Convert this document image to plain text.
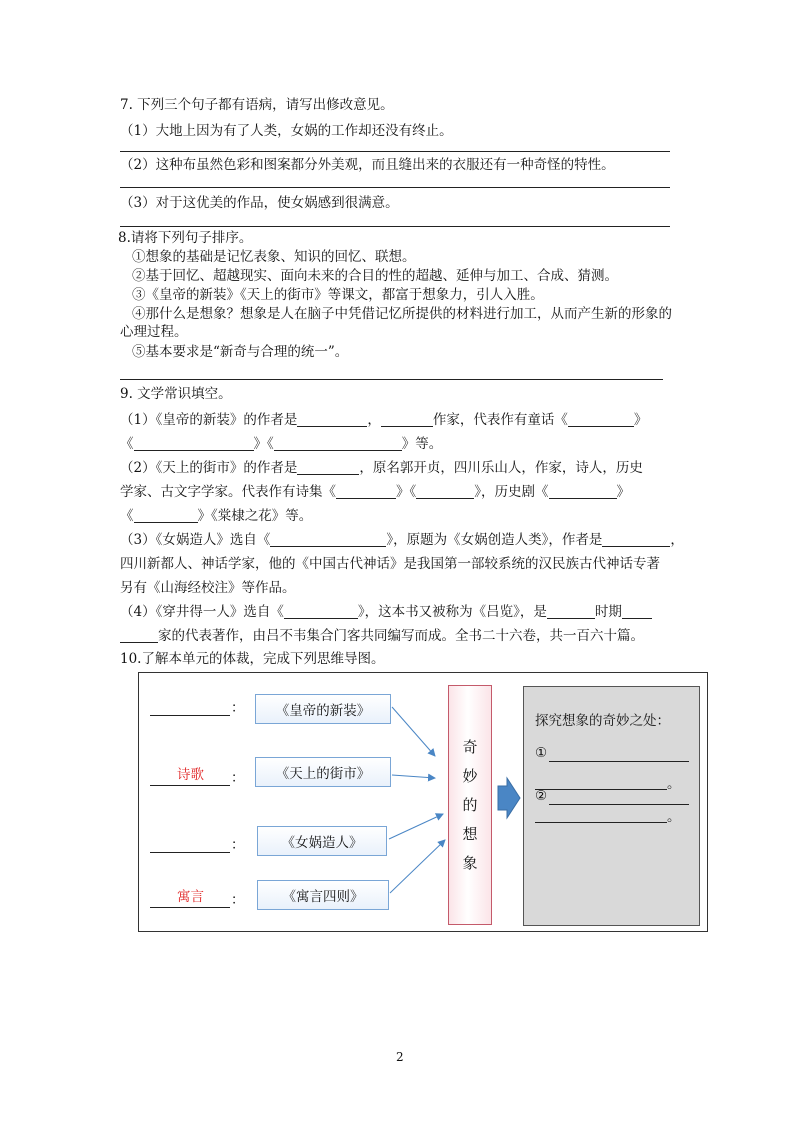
7. 下列三个句子都有语病，请写出修改意见。
（1）大地上因为有了人类，女娲的工作却还没有终止。
（2）这种布虽然色彩和图案都分外美观，而且缝出来的衣服还有一种奇怪的特性。
（3）对于这优美的作品，使女娲感到很满意。
8.请将下列句子排序。
①想象的基础是记忆表象、知识的回忆、联想。
②基于回忆、超越现实、面向未来的合目的性的超越、延伸与加工、合成、猜测。
③《皇帝的新装》《天上的街市》等课文，都富于想象力，引人入胜。
④那什么是想象？想象是人在脑子中凭借记忆所提供的材料进行加工，从而产生新的形象的
心理过程。
⑤基本要求是“新奇与合理的统一”。
9. 文学常识填空。
（1）《皇帝的新装》的作者是	，	作家，代表作有童话《	》
《	》《	》等。
（2）《天上的街市》的作者是	，原名郭开贞，四川乐山人，作家，诗人，历史
学家、古文字学家。代表作有诗集《	》《	》，历史剧《	》
《	》《棠棣之花》等。
（3）《女娲造人》选自《	》，原题为《女娲创造人类》，作者是	，
四川新都人、神话学家，他的《中国古代神话》是我国第一部较系统的汉民族古代神话专著
另有《山海经校注》等作品。
（4）《穿井得一人》选自《	》，这本书又被称为《吕览》，是	时期
家的代表著作，由吕不韦集合门客共同编写而成。全书二十六卷，共一百六十篇。
10.了解本单元的体裁，完成下列思维导图。
：
诗歌 ：
：
寓言 ：
《皇帝的新装》
《天上的街市》
《女娲造人》
《寓言四则》
奇
妙
的
想
象
探究想象的奇妙之处：
①
。
②
。
2
